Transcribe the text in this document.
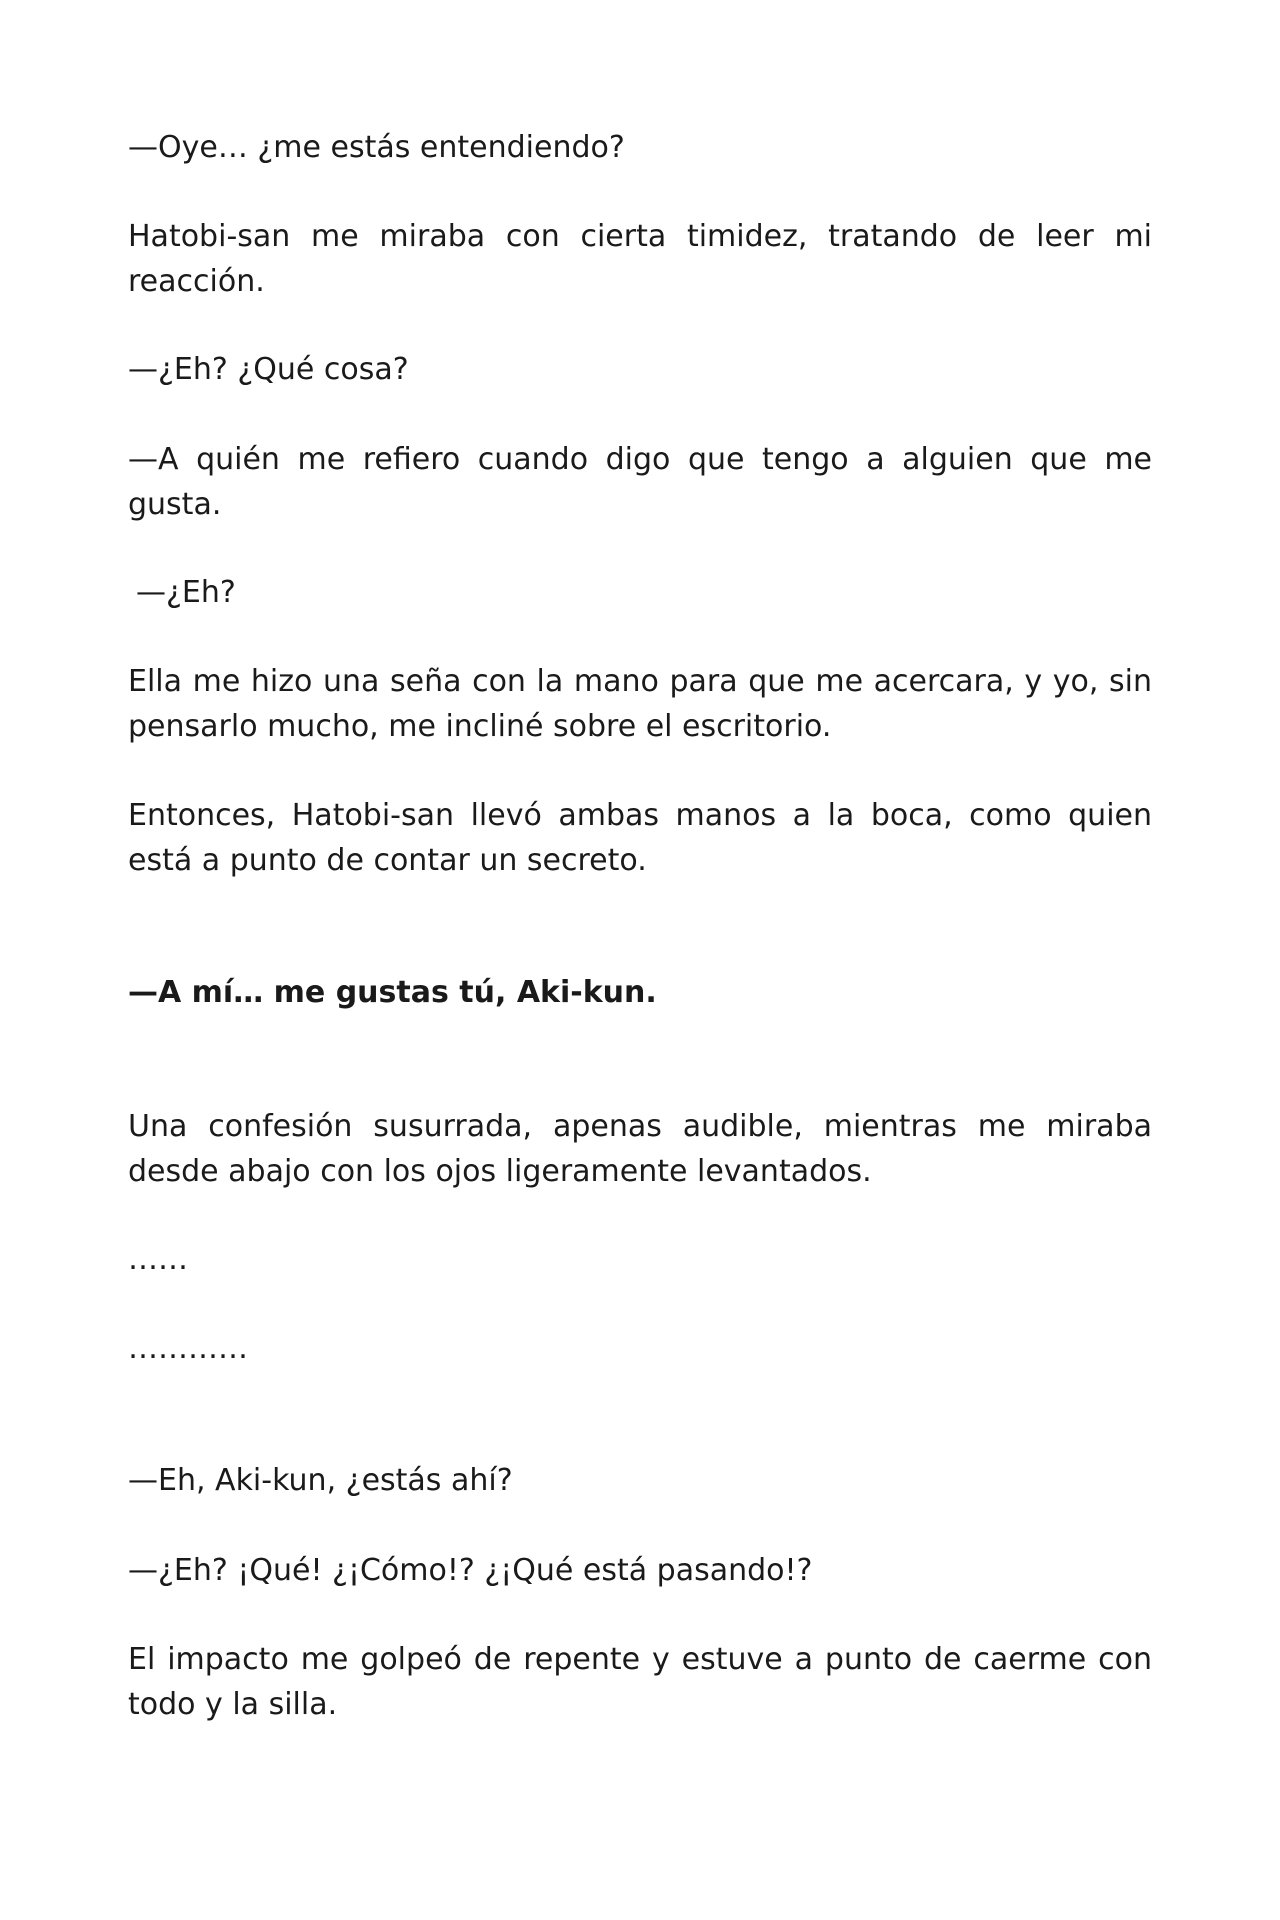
—Oye… ¿me estás entendiendo?

Hatobi-san me miraba con cierta timidez, tratando de leer mi reacción.

—¿Eh? ¿Qué cosa?

—A quién me refiero cuando digo que tengo a alguien que me gusta.

—¿Eh?

Ella me hizo una seña con la mano para que me acercara, y yo, sin pensarlo mucho, me incliné sobre el escritorio.

Entonces, Hatobi-san llevó ambas manos a la boca, como quien está a punto de contar un secreto.

—A mí… me gustas tú, Aki-kun.

Una confesión susurrada, apenas audible, mientras me miraba desde abajo con los ojos ligeramente levantados.

……

…………

—Eh, Aki-kun, ¿estás ahí?

—¿Eh? ¡Qué! ¿¡Cómo!? ¿¡Qué está pasando!?

El impacto me golpeó de repente y estuve a punto de caerme con todo y la silla.
